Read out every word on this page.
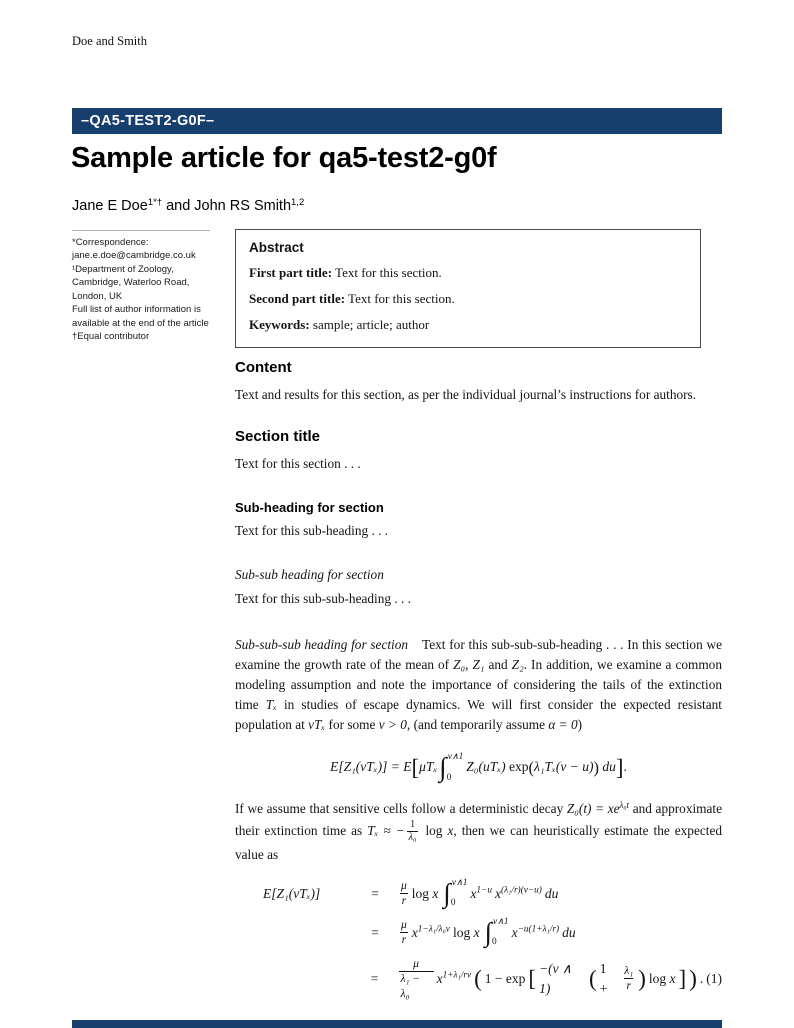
Doe and Smith
–QA5-TEST2-G0F–
Sample article for qa5-test2-g0f
Jane E Doe$^{1*\dagger}$ and John RS Smith$^{1,2}$
*Correspondence:
jane.e.doe@cambridge.co.uk
¹Department of Zoology,
Cambridge, Waterloo Road,
London, UK
Full list of author information is
available at the end of the article
†Equal contributor
Abstract

First part title: Text for this section.

Second part title: Text for this section.

Keywords: sample; article; author

Content

Text and results for this section, as per the individual journal’s instructions for authors.

Section title

Text for this section . . .

Sub-heading for section

Text for this sub-heading . . .

Sub-sub heading for section

Text for this sub-sub-heading . . .

Sub-sub-sub heading for section Text for this sub-sub-sub-heading . . . In this section we examine the growth rate of the mean of Z₀, Z₁ and Z₂. In addition, we examine a common modeling assumption and note the importance of considering the tails of the extinction time Tₓ in studies of escape dynamics. We will first consider the expected resistant population at vTₓ for some v > 0, (and temporarily assume α = 0)

E[Z₁(vTₓ)] = E[μTₓ ∫ v∧1
0
Z₀(uTₓ) exp(λ₁Tₓ(v − u)) du].

If we assume that sensitive cells follow a deterministic decay $Z_0(t) = xe^{\lambda_0t}$ and approximate their extinction time as Tₓ ≈ − $\frac{1}{\text{λ₀}}$ log x, then we can heuristically estimate the expected value as

E[Z₁(vTₓ)]	=	$\frac{\mu}{r}$ log x ∫ v∧1
0
$x^{1-u}$ $x^{(\lambda_1/r)(v-u)}$ du
=	$\frac{\mu}{r} x^{1-\lambda_1/\lambda_0v}$ log x ∫ v∧1
0
$x^{-u(1+\lambda_1/r)}$ du
=	$\frac{\mu}{\text{λ₁ − λ₀}} x^{1+\lambda_1/rv}$ ( 1 − exp [ −(v ∧ 1)	( 1 +	$\frac{\text{λ₁}}{r}$ ) log x ] ) . (1)
